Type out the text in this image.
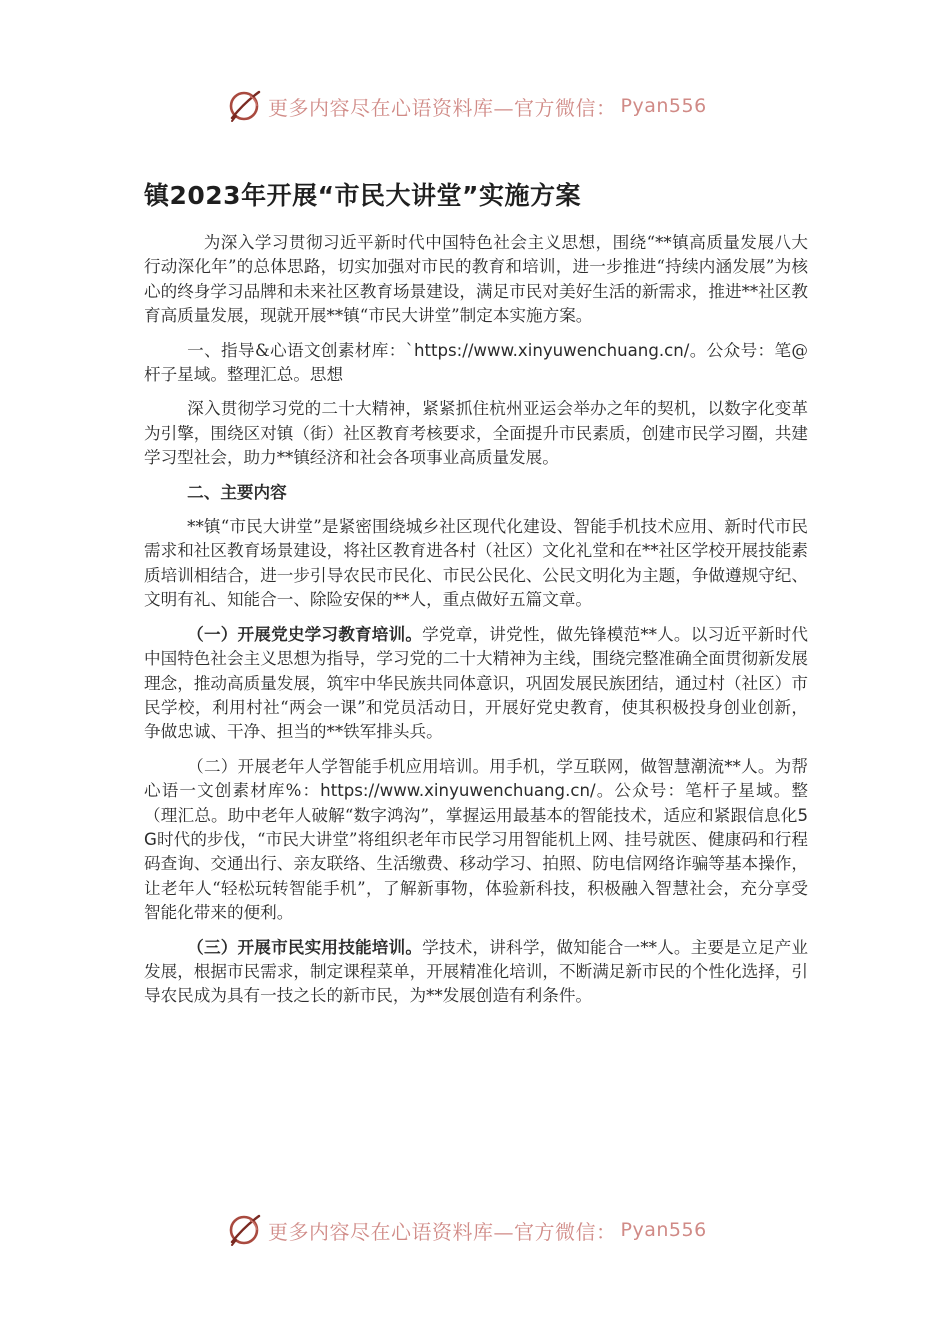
更多内容尽在心语资料库—官方微信： Pyan556
镇2023年开展“市民大讲堂”实施方案

为深入学习贯彻习近平新时代中国特色社会主义思想，围绕“**镇高质量发展八大行动深化年”的总体思路，切实加强对市民的教育和培训，进一步推进“持续内涵发展”为核心的终身学习品牌和未来社区教育场景建设，满足市民对美好生活的新需求，推进**社区教育高质量发展，现就开展**镇“市民大讲堂”制定本实施方案。

一、指导&心语文创素材库：`https://www.xinyuwenchuang.cn/。公众号：笔@杆子星域。整理汇总。思想

深入贯彻学习党的二十大精神，紧紧抓住杭州亚运会举办之年的契机，以数字化变革为引擎，围绕区对镇（街）社区教育考核要求，全面提升市民素质，创建市民学习圈，共建学习型社会，助力**镇经济和社会各项事业高质量发展。

二、主要内容

**镇“市民大讲堂”是紧密围绕城乡社区现代化建设、智能手机技术应用、新时代市民需求和社区教育场景建设，将社区教育进各村（社区）文化礼堂和在**社区学校开展技能素质培训相结合，进一步引导农民市民化、市民公民化、公民文明化为主题，争做遵规守纪、文明有礼、知能合一、除险安保的**人，重点做好五篇文章。

（一）开展党史学习教育培训。学党章，讲党性，做先锋模范**人。以习近平新时代中国特色社会主义思想为指导，学习党的二十大精神为主线，围绕完整准确全面贯彻新发展理念，推动高质量发展，筑牢中华民族共同体意识，巩固发展民族团结，通过村（社区）市民学校，利用村社“两会一课”和党员活动日，开展好党史教育，使其积极投身创业创新，争做忠诚、干净、担当的**铁军排头兵。

（二）开展老年人学智能手机应用培训。用手机，学互联网，做智慧潮流**人。为帮心语一文创素材库%：https://www.xinyuwenchuang.cn/。公众号：笔杆子星域。整（理汇总。助中老年人破解“数字鸿沟”，掌握运用最基本的智能技术，适应和紧跟信息化5G时代的步伐，“市民大讲堂”将组织老年市民学习用智能机上网、挂号就医、健康码和行程码查询、交通出行、亲友联络、生活缴费、移动学习、拍照、防电信网络诈骗等基本操作，让老年人“轻松玩转智能手机”，了解新事物，体验新科技，积极融入智慧社会，充分享受智能化带来的便利。

（三）开展市民实用技能培训。学技术，讲科学，做知能合一**人。主要是立足产业发展，根据市民需求，制定课程菜单，开展精准化培训，不断满足新市民的个性化选择，引导农民成为具有一技之长的新市民，为**发展创造有利条件。

更多内容尽在心语资料库—官方微信： Pyan556
